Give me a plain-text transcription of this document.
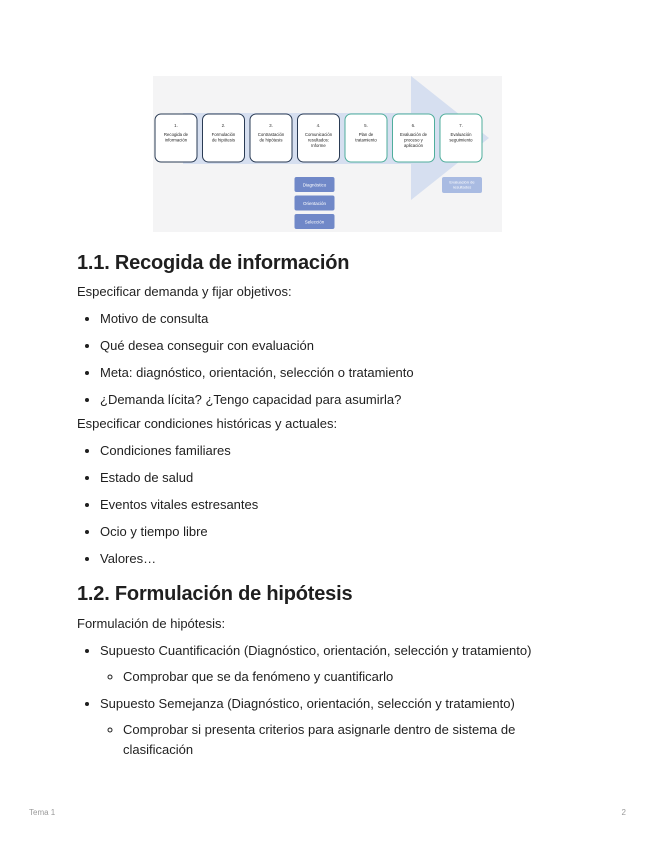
1.
Recogida de información
2.
Formulación de hipótesis
3.
Contrastación de hipótesis
4.
Comunicación resultados: Informe
5.
Plan de tratamiento
6.
Evaluación de proceso y aplicación
7.
Evaluación seguimiento
Diagnóstico
Orientación
Selección
Evaluación de resultados
1.1. Recogida de información

Especificar demanda y fijar objetivos:

• Motivo de consulta
• Qué desea conseguir con evaluación
• Meta: diagnóstico, orientación, selección o tratamiento
• ¿Demanda lícita? ¿Tengo capacidad para asumirla?

Especificar condiciones históricas y actuales:

• Condiciones familiares
• Estado de salud
• Eventos vitales estresantes
• Ocio y tiempo libre
• Valores…
1.2. Formulación de hipótesis

Formulación de hipótesis:

• Supuesto Cuantificación (Diagnóstico, orientación, selección y tratamiento)
◦ Comprobar que se da fenómeno y cuantificarlo
• Supuesto Semejanza (Diagnóstico, orientación, selección y tratamiento)
◦ Comprobar si presenta criterios para asignarle dentro de sistema de clasificación
Tema 1	2
